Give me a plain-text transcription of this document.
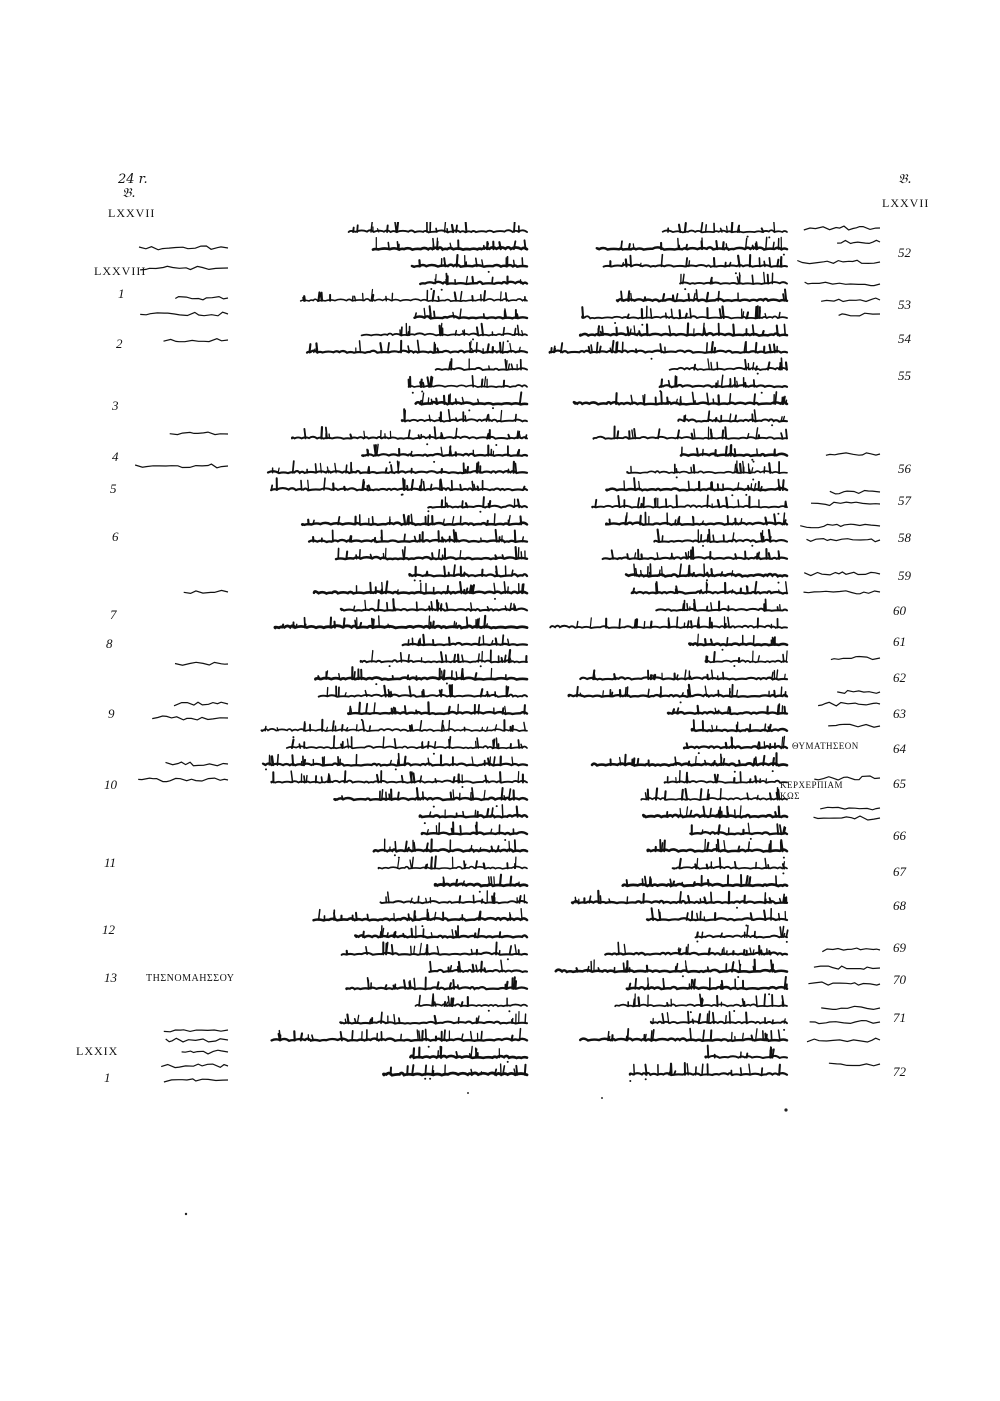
24 r.
𝔅.
𝔅.
LXXVII
LXXVII
LXXVIII
LXXIX
1
2
3
4
5
6
7
8
9
10
11
12
13
1
52
53
54
55
56
57
58
59
60
61
62
63
64
65
66
67
68
69
70
71
72
ΤΗΣΝΟΜΑΗΣΣΟΥ
ΘΥΜΑΤΗΣΕΟΝ
ΚΕΡΧΕΡΠΙΑΜ ΚΩΣ
